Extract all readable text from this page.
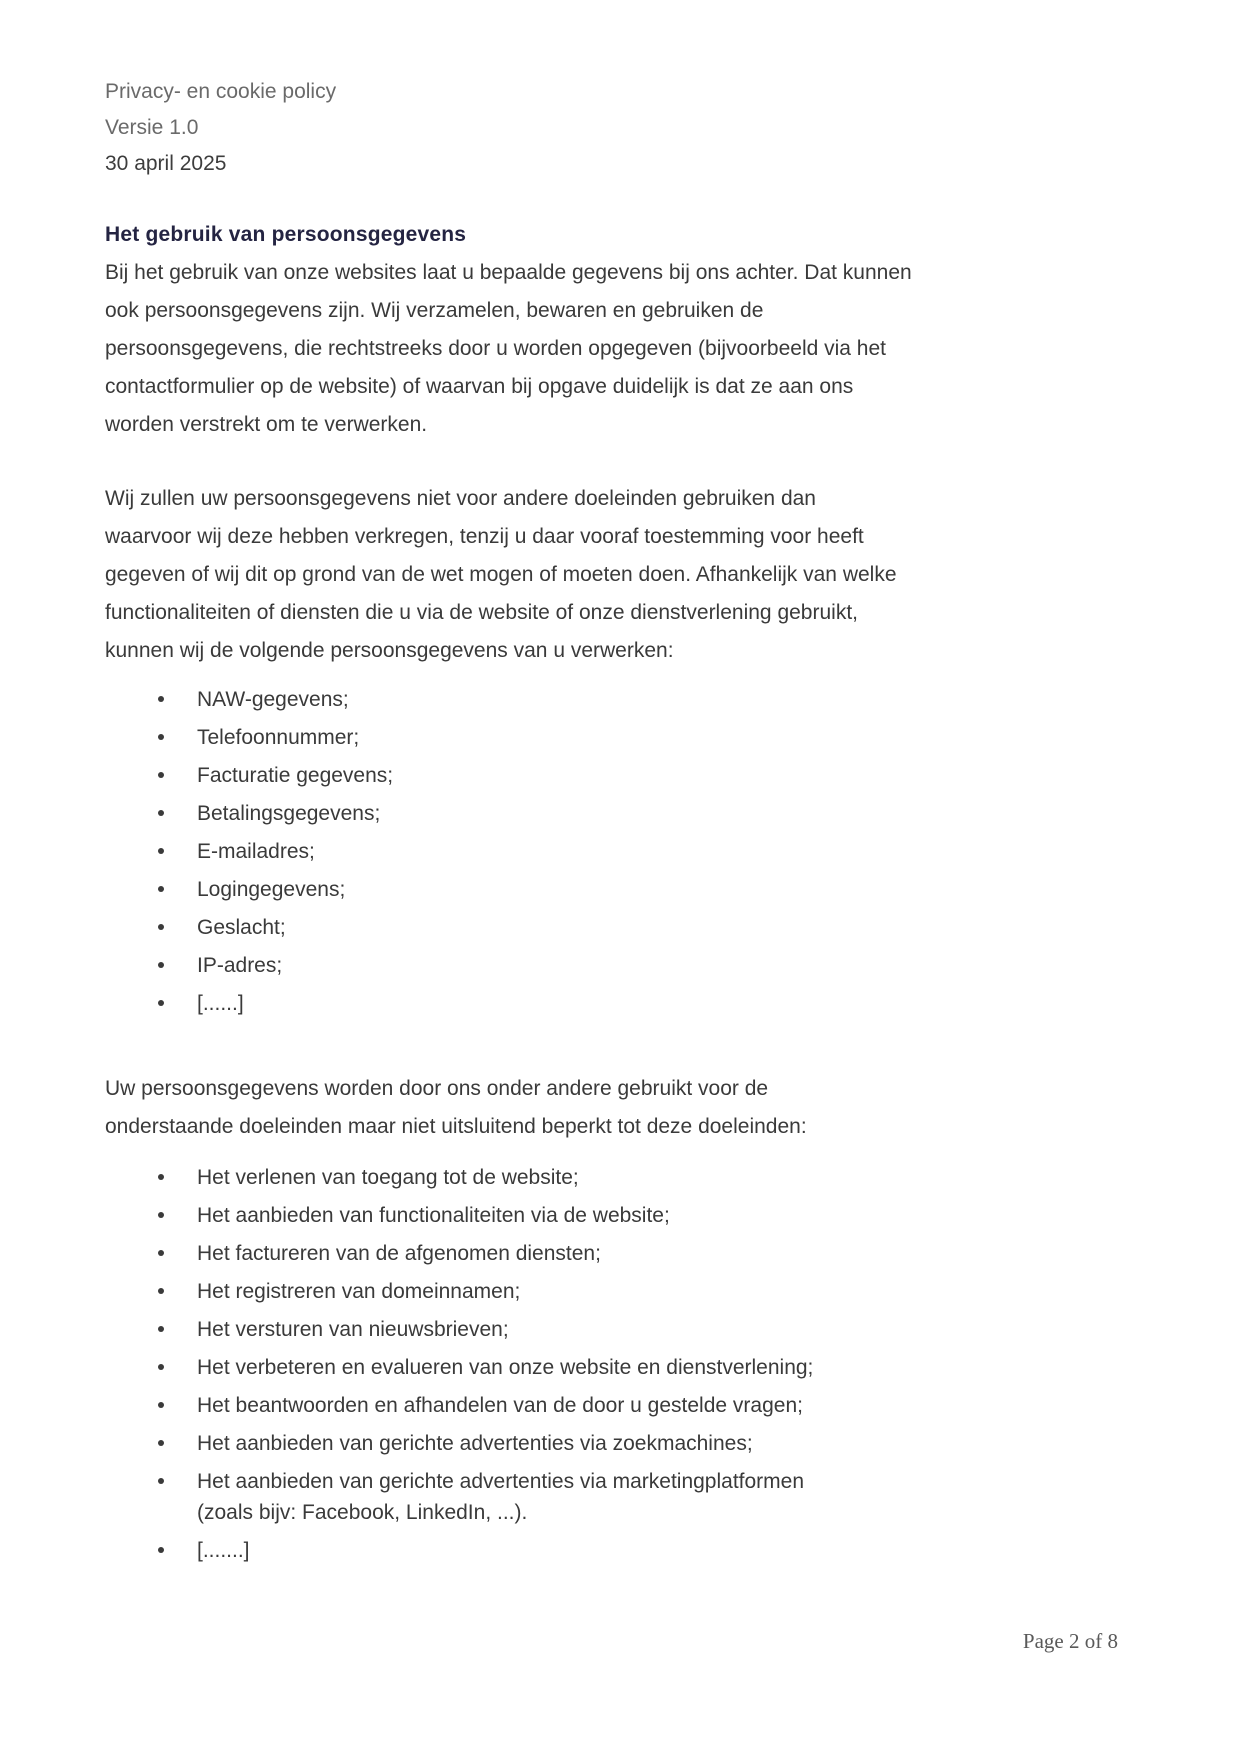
Privacy- en cookie policy
Versie 1.0
30 april 2025
Het gebruik van persoonsgegevens
Bij het gebruik van onze websites laat u bepaalde gegevens bij ons achter. Dat kunnen
ook persoonsgegevens zijn. Wij verzamelen, bewaren en gebruiken de
persoonsgegevens, die rechtstreeks door u worden opgegeven (bijvoorbeeld via het
contactformulier op de website) of waarvan bij opgave duidelijk is dat ze aan ons
worden verstrekt om te verwerken.
Wij zullen uw persoonsgegevens niet voor andere doeleinden gebruiken dan
waarvoor wij deze hebben verkregen, tenzij u daar vooraf toestemming voor heeft
gegeven of wij dit op grond van de wet mogen of moeten doen. Afhankelijk van welke
functionaliteiten of diensten die u via de website of onze dienstverlening gebruikt,
kunnen wij de volgende persoonsgegevens van u verwerken:
NAW-gegevens;
Telefoonnummer;
Facturatie gegevens;
Betalingsgegevens;
E-mailadres;
Logingegevens;
Geslacht;
IP-adres;
[......]
Uw persoonsgegevens worden door ons onder andere gebruikt voor de
onderstaande doeleinden maar niet uitsluitend beperkt tot deze doeleinden:
Het verlenen van toegang tot de website;
Het aanbieden van functionaliteiten via de website;
Het factureren van de afgenomen diensten;
Het registreren van domeinnamen;
Het versturen van nieuwsbrieven;
Het verbeteren en evalueren van onze website en dienstverlening;
Het beantwoorden en afhandelen van de door u gestelde vragen;
Het aanbieden van gerichte advertenties via zoekmachines;
Het aanbieden van gerichte advertenties via marketingplatformen
(zoals bijv: Facebook, LinkedIn, ...).
[.......]
Page 2 of 8
